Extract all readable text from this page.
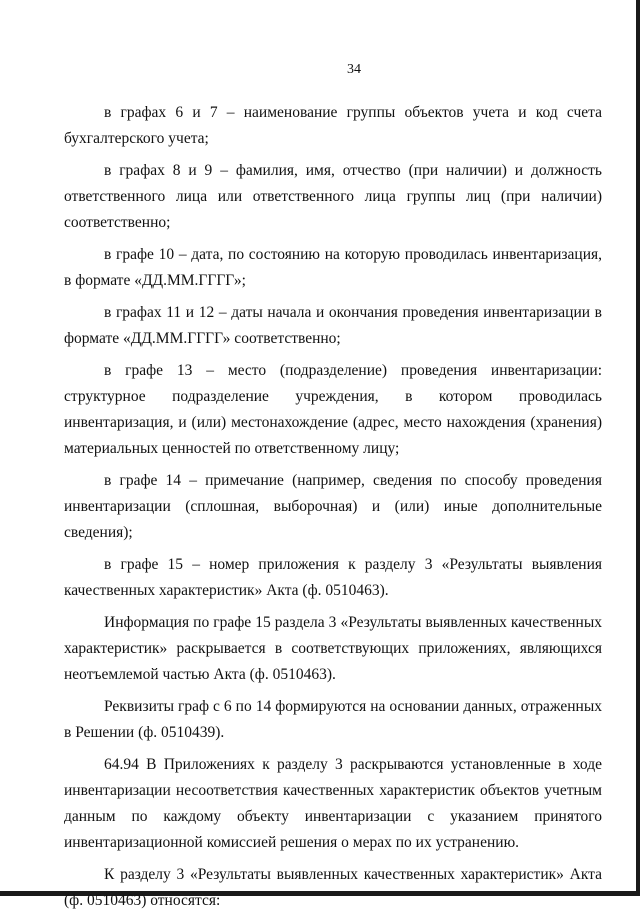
34

в графах 6 и 7 – наименование группы объектов учета и код счета бухгалтерского учета;

в графах 8 и 9 – фамилия, имя, отчество (при наличии) и должность ответственного лица или ответственного лица группы лиц (при наличии) соответственно;

в графе 10 – дата, по состоянию на которую проводилась инвентаризация, в формате «ДД.ММ.ГГГГ»;

в графах 11 и 12 – даты начала и окончания проведения инвентаризации в формате «ДД.ММ.ГГГГ» соответственно;

в графе 13 – место (подразделение) проведения инвентаризации: структурное подразделение учреждения, в котором проводилась инвентаризация, и (или) местонахождение (адрес, место нахождения (хранения) материальных ценностей по ответственному лицу;

в графе 14 – примечание (например, сведения по способу проведения инвентаризации (сплошная, выборочная) и (или) иные дополнительные сведения);

в графе 15 – номер приложения к разделу 3 «Результаты выявления качественных характеристик» Акта (ф. 0510463).

Информация по графе 15 раздела 3 «Результаты выявленных качественных характеристик» раскрывается в соответствующих приложениях, являющихся неотъемлемой частью Акта (ф. 0510463).

Реквизиты граф с 6 по 14 формируются на основании данных, отраженных в Решении (ф. 0510439).

64.94 В Приложениях к разделу 3 раскрываются установленные в ходе инвентаризации несоответствия качественных характеристик объектов учетным данным по каждому объекту инвентаризации с указанием принятого инвентаризационной комиссией решения о мерах по их устранению.

К разделу 3 «Результаты выявленных качественных характеристик» Акта (ф. 0510463) относятся:
